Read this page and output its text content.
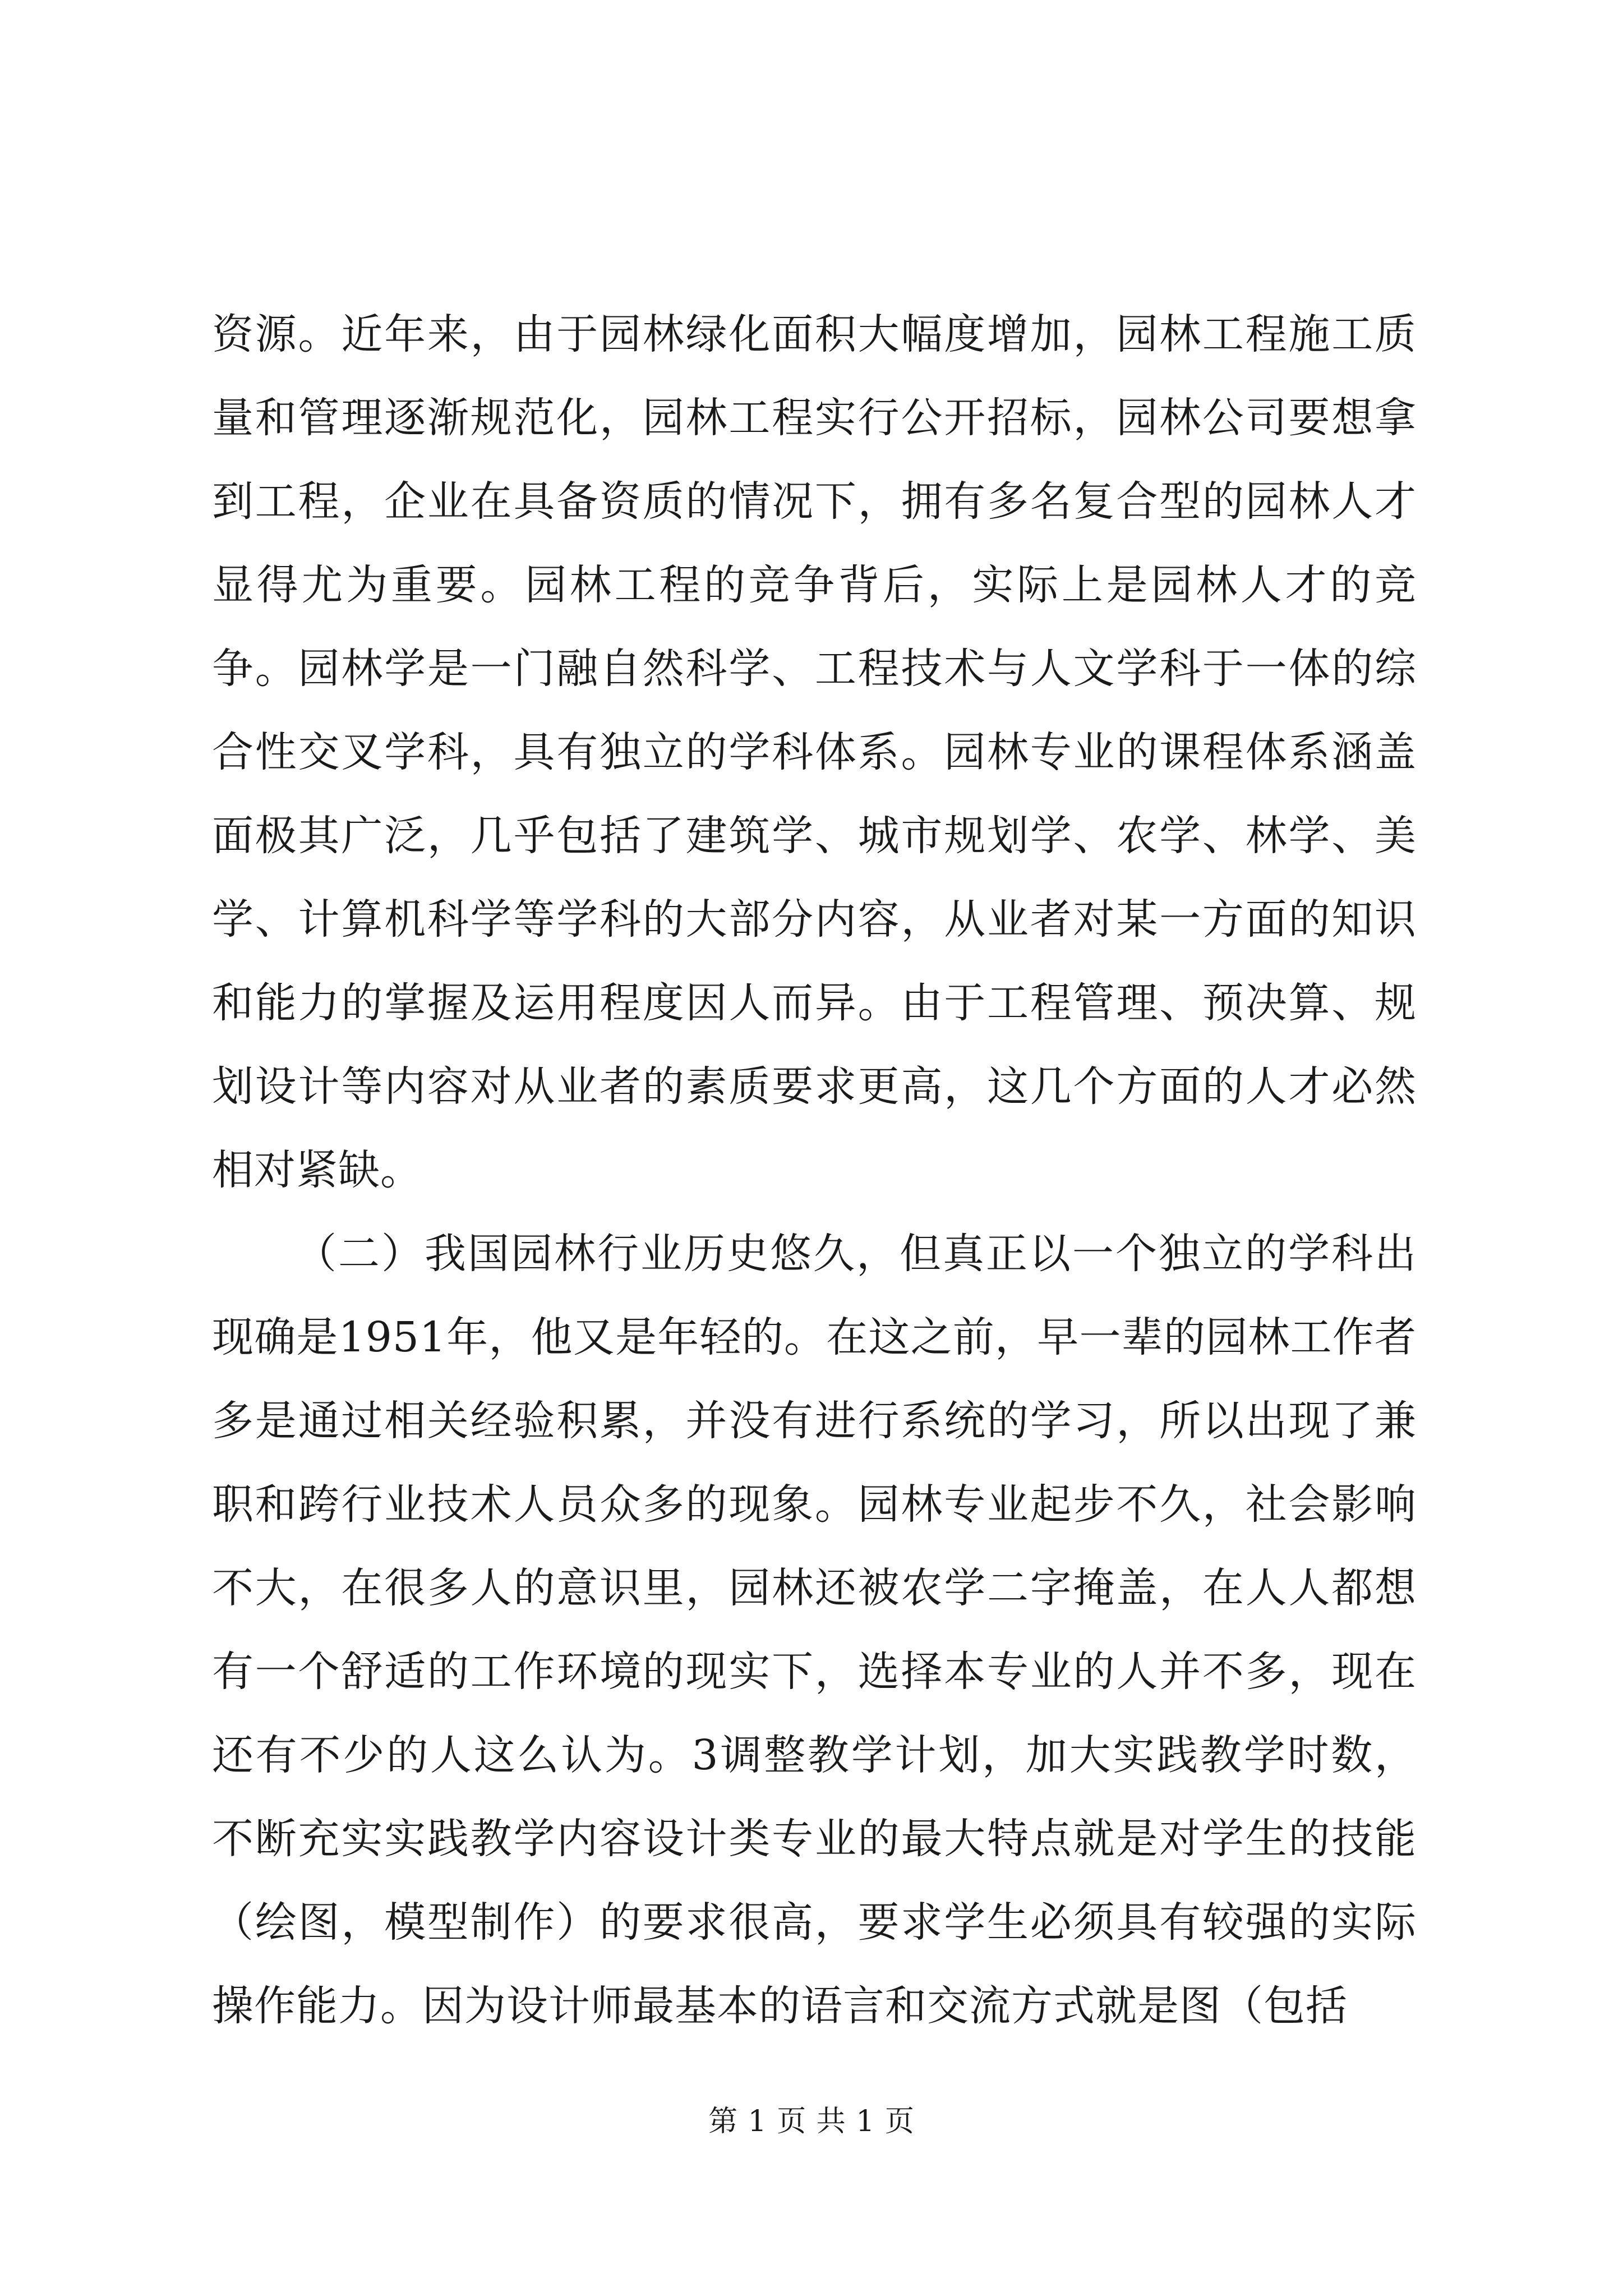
资源。近年来，由于园林绿化面积大幅度增加，园林工程施工质量和管理逐渐规范化，园林工程实行公开招标，园林公司要想拿到工程，企业在具备资质的情况下，拥有多名复合型的园林人才显得尤为重要。园林工程的竞争背后，实际上是园林人才的竞争。园林学是一门融自然科学、工程技术与人文学科于一体的综合性交叉学科，具有独立的学科体系。园林专业的课程体系涵盖面极其广泛，几乎包括了建筑学、城市规划学、农学、林学、美学、计算机科学等学科的大部分内容，从业者对某一方面的知识和能力的掌握及运用程度因人而异。由于工程管理、预决算、规划设计等内容对从业者的素质要求更高，这几个方面的人才必然相对紧缺。

（二）我国园林行业历史悠久，但真正以一个独立的学科出现确是1951年，他又是年轻的。在这之前，早一辈的园林工作者多是通过相关经验积累，并没有进行系统的学习，所以出现了兼职和跨行业技术人员众多的现象。园林专业起步不久，社会影响不大，在很多人的意识里，园林还被农学二字掩盖，在人人都想有一个舒适的工作环境的现实下，选择本专业的人并不多，现在还有不少的人这么认为。3调整教学计划，加大实践教学时数，不断充实实践教学内容设计类专业的最大特点就是对学生的技能（绘图，模型制作）的要求很高，要求学生必须具有较强的实际操作能力。因为设计师最基本的语言和交流方式就是图（包括

第 1 页 共 1 页
